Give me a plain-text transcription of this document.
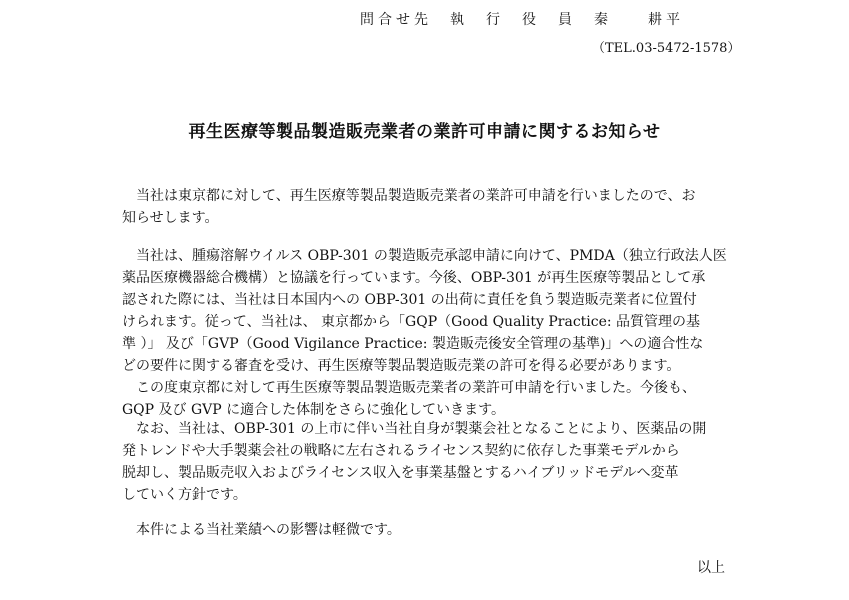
問合せ先　執　行　役　員　秦　　耕平
（TEL.03-5472-1578）
再生医療等製品製造販売業者の業許可申請に関するお知らせ
　当社は東京都に対して、再生医療等製品製造販売業者の業許可申請を行いましたので、お
知らせします。
　当社は、腫瘍溶解ウイルス OBP-301 の製造販売承認申請に向けて、PMDA（独立行政法人医
薬品医療機器総合機構）と協議を行っています。今後、OBP-301 が再生医療等製品として承
認された際には、当社は日本国内への OBP-301 の出荷に責任を負う製造販売業者に位置付
けられます。従って、当社は、 東京都から「GQP（Good Quality Practice: 品質管理の基
準 ）」 及び「GVP（Good Vigilance Practice: 製造販売後安全管理の基準)」への適合性な
どの要件に関する審査を受け、再生医療等製品製造販売業の許可を得る必要があります。
　この度東京都に対して再生医療等製品製造販売業者の業許可申請を行いました。今後も、
GQP 及び GVP に適合した体制をさらに強化していきます。
　なお、当社は、OBP-301 の上市に伴い当社自身が製薬会社となることにより、医薬品の開
発トレンドや大手製薬会社の戦略に左右されるライセンス契約に依存した事業モデルから
脱却し、製品販売収入およびライセンス収入を事業基盤とするハイブリッドモデルへ変革
していく方針です。
　本件による当社業績への影響は軽微です。
以上
